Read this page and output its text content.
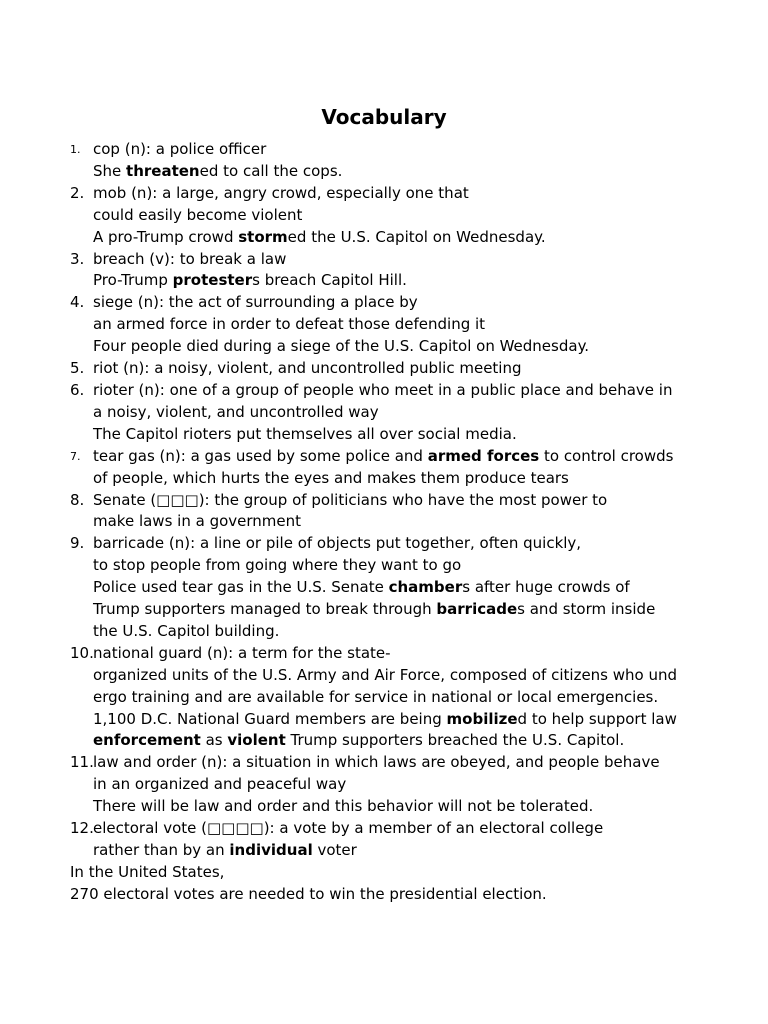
Vocabulary
1. cop (n): a police officer
She threatened to call the cops.
2. mob (n): a large, angry crowd, especially one that
could easily become violent
A pro-Trump crowd stormed the U.S. Capitol on Wednesday.
3. breach (v): to break a law
Pro-Trump protesters breach Capitol Hill.
4. siege (n): the act of surrounding a place by
an armed force in order to defeat those defending it
Four people died during a siege of the U.S. Capitol on Wednesday.
5. riot (n): a noisy, violent, and uncontrolled public meeting
6. rioter (n): one of a group of people who meet in a public place and behave in
a noisy, violent, and uncontrolled way
The Capitol rioters put themselves all over social media.
7. tear gas (n): a gas used by some police and armed forces to control crowds
of people, which hurts the eyes and makes them produce tears
8. Senate (□□□): the group of politicians who have the most power to
make laws in a government
9. barricade (n): a line or pile of objects put together, often quickly,
to stop people from going where they want to go
Police used tear gas in the U.S. Senate chambers after huge crowds of
Trump supporters managed to break through barricades and storm inside
the U.S. Capitol building.
10. national guard (n): a term for the state-
organized units of the U.S. Army and Air Force, composed of citizens who und
ergo training and are available for service in national or local emergencies.
1,100 D.C. National Guard members are being mobilized to help support law
enforcement as violent Trump supporters breached the U.S. Capitol.
11. law and order (n): a situation in which laws are obeyed, and people behave
in an organized and peaceful way
There will be law and order and this behavior will not be tolerated.
12. electoral vote (□□□□): a vote by a member of an electoral college
rather than by an individual voter
In the United States,
270 electoral votes are needed to win the presidential election.
